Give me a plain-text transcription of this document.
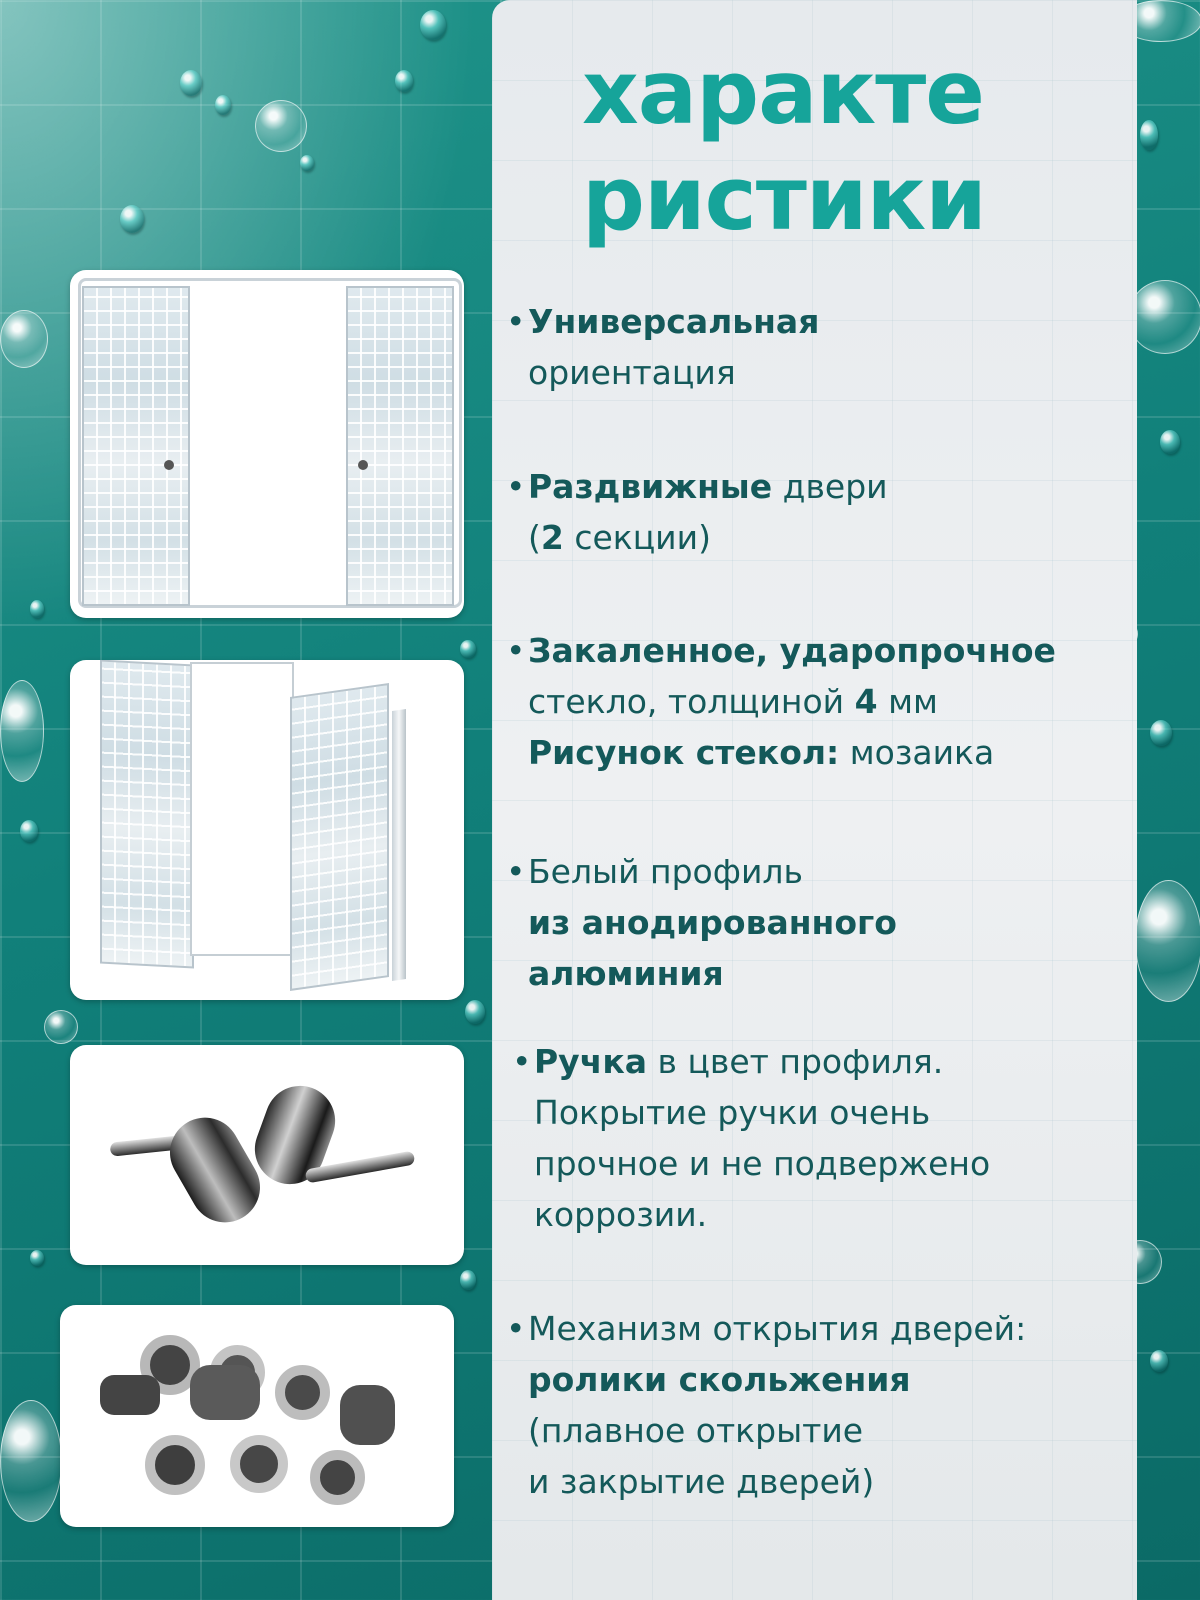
характе
ристики
• Универсальная
ориентация
• Раздвижные двери
(2 секции)
• Закаленное, ударопрочное
стекло, толщиной 4 мм
Рисунок стекол: мозаика
• Белый профиль
из анодированного
алюминия
• Ручка в цвет профиля.
Покрытие ручки очень
прочное и не подвержено
коррозии.
• Механизм открытия дверей:
ролики скольжения
(плавное открытие
и закрытие дверей)
